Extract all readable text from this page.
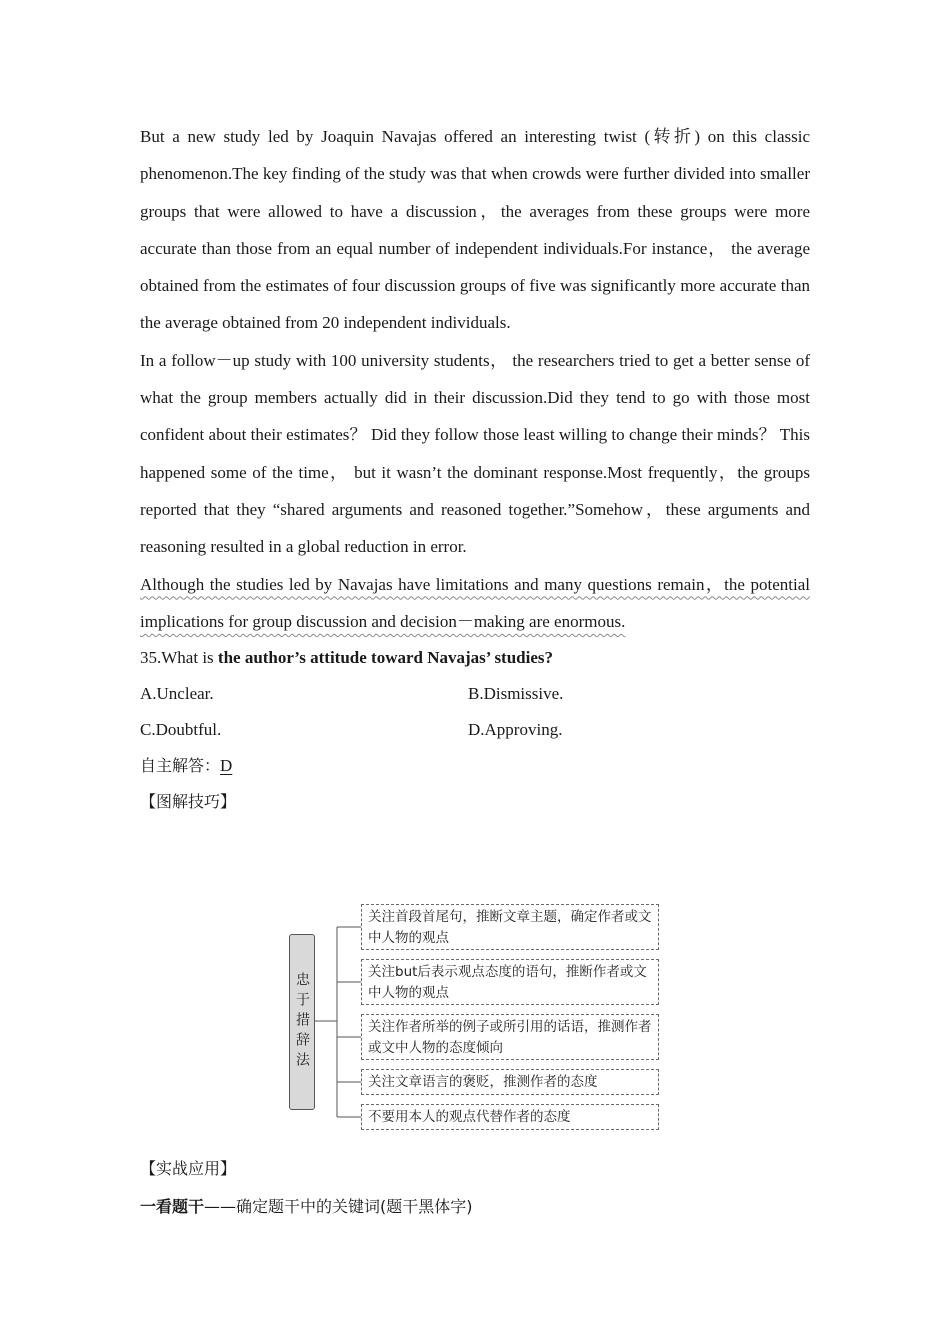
But a new study led by Joaquin Navajas offered an interesting twist (转折) on this classic phenomenon.The key finding of the study was that when crowds were further divided into smaller groups that were allowed to have a discussion，the averages from these groups were more accurate than those from an equal number of independent individuals.For instance， the average obtained from the estimates of four discussion groups of five was significantly more accurate than the average obtained from 20 independent individuals.

In a follow－up study with 100 university students， the researchers tried to get a better sense of what the group members actually did in their discussion.Did they tend to go with those most confident about their estimates？ Did they follow those least willing to change their minds？ This happened some of the time， but it wasn’t the dominant response.Most frequently，the groups reported that they “shared arguments and reasoned together.”Somehow，these arguments and reasoning resulted in a global reduction in error.

Although the studies led by Navajas have limitations and many questions remain，the potential implications for group discussion and decision－making are enormous.

35.What is the author’s attitude toward Navajas’ studies?

A.Unclear.	B.Dismissive.
C.Doubtful.	D.Approving.

自主解答：D

【图解技巧】

忠于措辞法
关注首段首尾句，推断文章主题，确定作者或文中人物的观点
关注but后表示观点态度的语句，推断作者或文中人物的观点
关注作者所举的例子或所引用的话语，推测作者或文中人物的态度倾向
关注文章语言的褒贬，推测作者的态度
不要用本人的观点代替作者的态度
【实战应用】
一看题干——确定题干中的关键词(题干黑体字)
